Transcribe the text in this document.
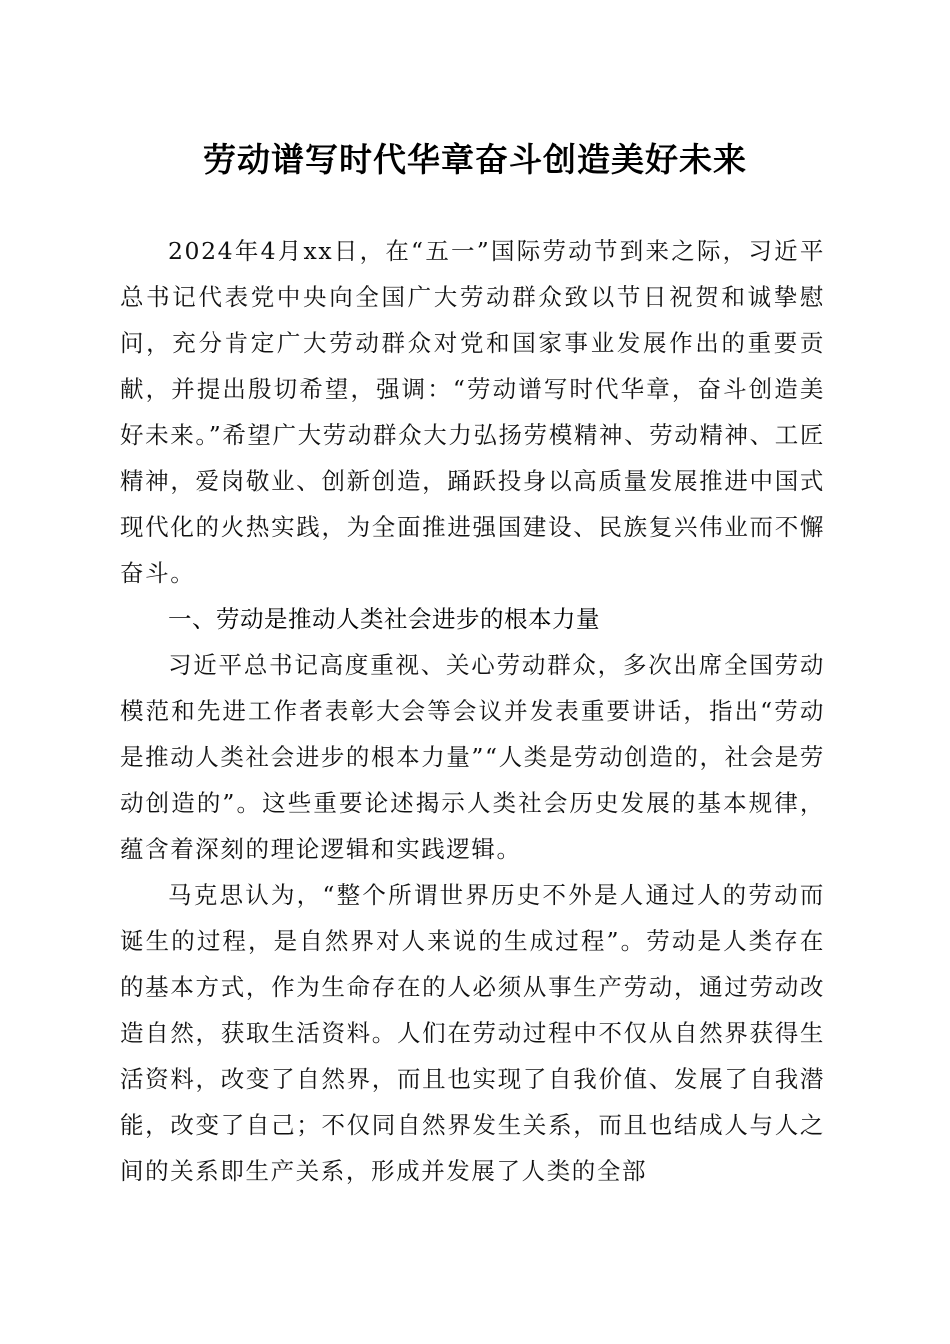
劳动谱写时代华章奋斗创造美好未来

2024年4月xx日，在“五一”国际劳动节到来之际，习近平总书记代表党中央向全国广大劳动群众致以节日祝贺和诚挚慰问，充分肯定广大劳动群众对党和国家事业发展作出的重要贡献，并提出殷切希望，强调：“劳动谱写时代华章，奋斗创造美好未来。”希望广大劳动群众大力弘扬劳模精神、劳动精神、工匠精神，爱岗敬业、创新创造，踊跃投身以高质量发展推进中国式现代化的火热实践，为全面推进强国建设、民族复兴伟业而不懈奋斗。

一、劳动是推动人类社会进步的根本力量

习近平总书记高度重视、关心劳动群众，多次出席全国劳动模范和先进工作者表彰大会等会议并发表重要讲话，指出“劳动是推动人类社会进步的根本力量”“人类是劳动创造的，社会是劳动创造的”。这些重要论述揭示人类社会历史发展的基本规律，蕴含着深刻的理论逻辑和实践逻辑。

马克思认为，“整个所谓世界历史不外是人通过人的劳动而诞生的过程，是自然界对人来说的生成过程”。劳动是人类存在的基本方式，作为生命存在的人必须从事生产劳动，通过劳动改造自然，获取生活资料。人们在劳动过程中不仅从自然界获得生活资料，改变了自然界，而且也实现了自我价值、发展了自我潜能，改变了自己；不仅同自然界发生关系，而且也结成人与人之间的关系即生产关系，形成并发展了人类的全部
